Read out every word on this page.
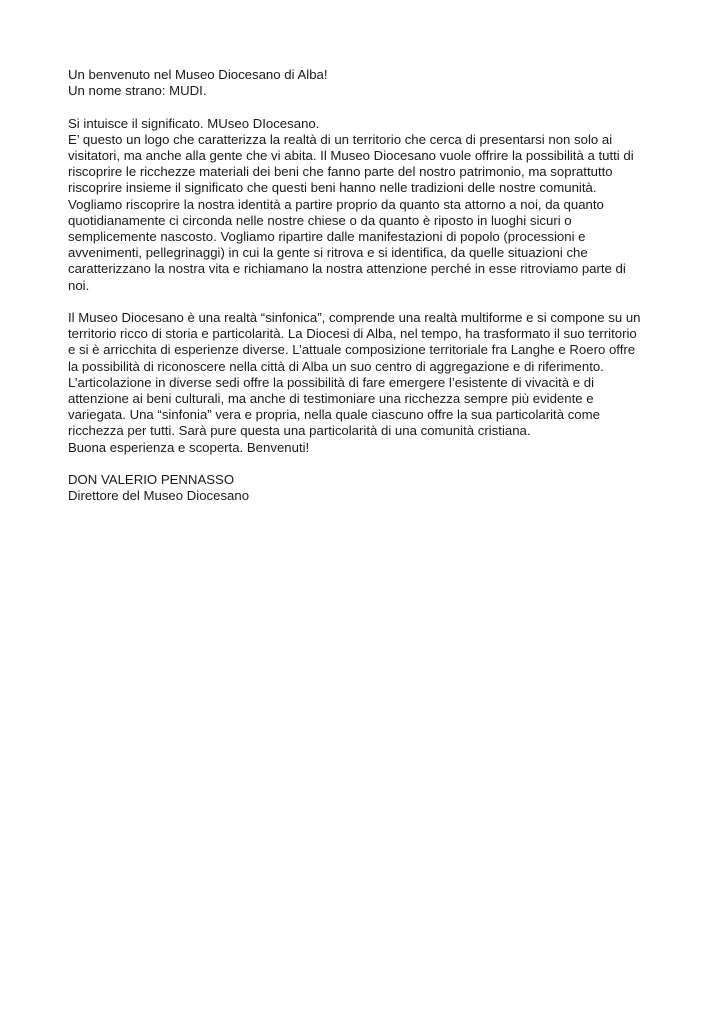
Un benvenuto nel Museo Diocesano di Alba!
Un nome strano: MUDI.
Si intuisce il significato. MUseo DIocesano.
E’ questo un logo che caratterizza la realtà di un territorio che cerca di presentarsi non solo ai
visitatori, ma anche alla gente che vi abita. Il Museo Diocesano vuole offrire la possibilità a tutti di
riscoprire le ricchezze materiali dei beni che fanno parte del nostro patrimonio, ma soprattutto
riscoprire insieme il significato che questi beni hanno nelle tradizioni delle nostre comunità.
Vogliamo riscoprire la nostra identità a partire proprio da quanto sta attorno a noi, da quanto
quotidianamente ci circonda nelle nostre chiese o da quanto è riposto in luoghi sicuri o
semplicemente nascosto. Vogliamo ripartire dalle manifestazioni di popolo (processioni e
avvenimenti, pellegrinaggi) in cui la gente si ritrova e si identifica, da quelle situazioni che
caratterizzano la nostra vita e richiamano la nostra attenzione perché in esse ritroviamo parte di
noi.
Il Museo Diocesano è una realtà “sinfonica”, comprende una realtà multiforme e si compone su un
territorio ricco di storia e particolarità. La Diocesi di Alba, nel tempo, ha trasformato il suo territorio
e si è arricchita di esperienze diverse. L’attuale composizione territoriale fra Langhe e Roero offre
la possibilità di riconoscere nella città di Alba un suo centro di aggregazione e di riferimento.
L’articolazione in diverse sedi offre la possibilità di fare emergere l’esistente di vivacità e di
attenzione ai beni culturali, ma anche di testimoniare una ricchezza sempre più evidente e
variegata. Una “sinfonia” vera e propria, nella quale ciascuno offre la sua particolarità come
ricchezza per tutti. Sarà pure questa una particolarità di una comunità cristiana.
Buona esperienza e scoperta. Benvenuti!
DON VALERIO PENNASSO
Direttore del Museo Diocesano
